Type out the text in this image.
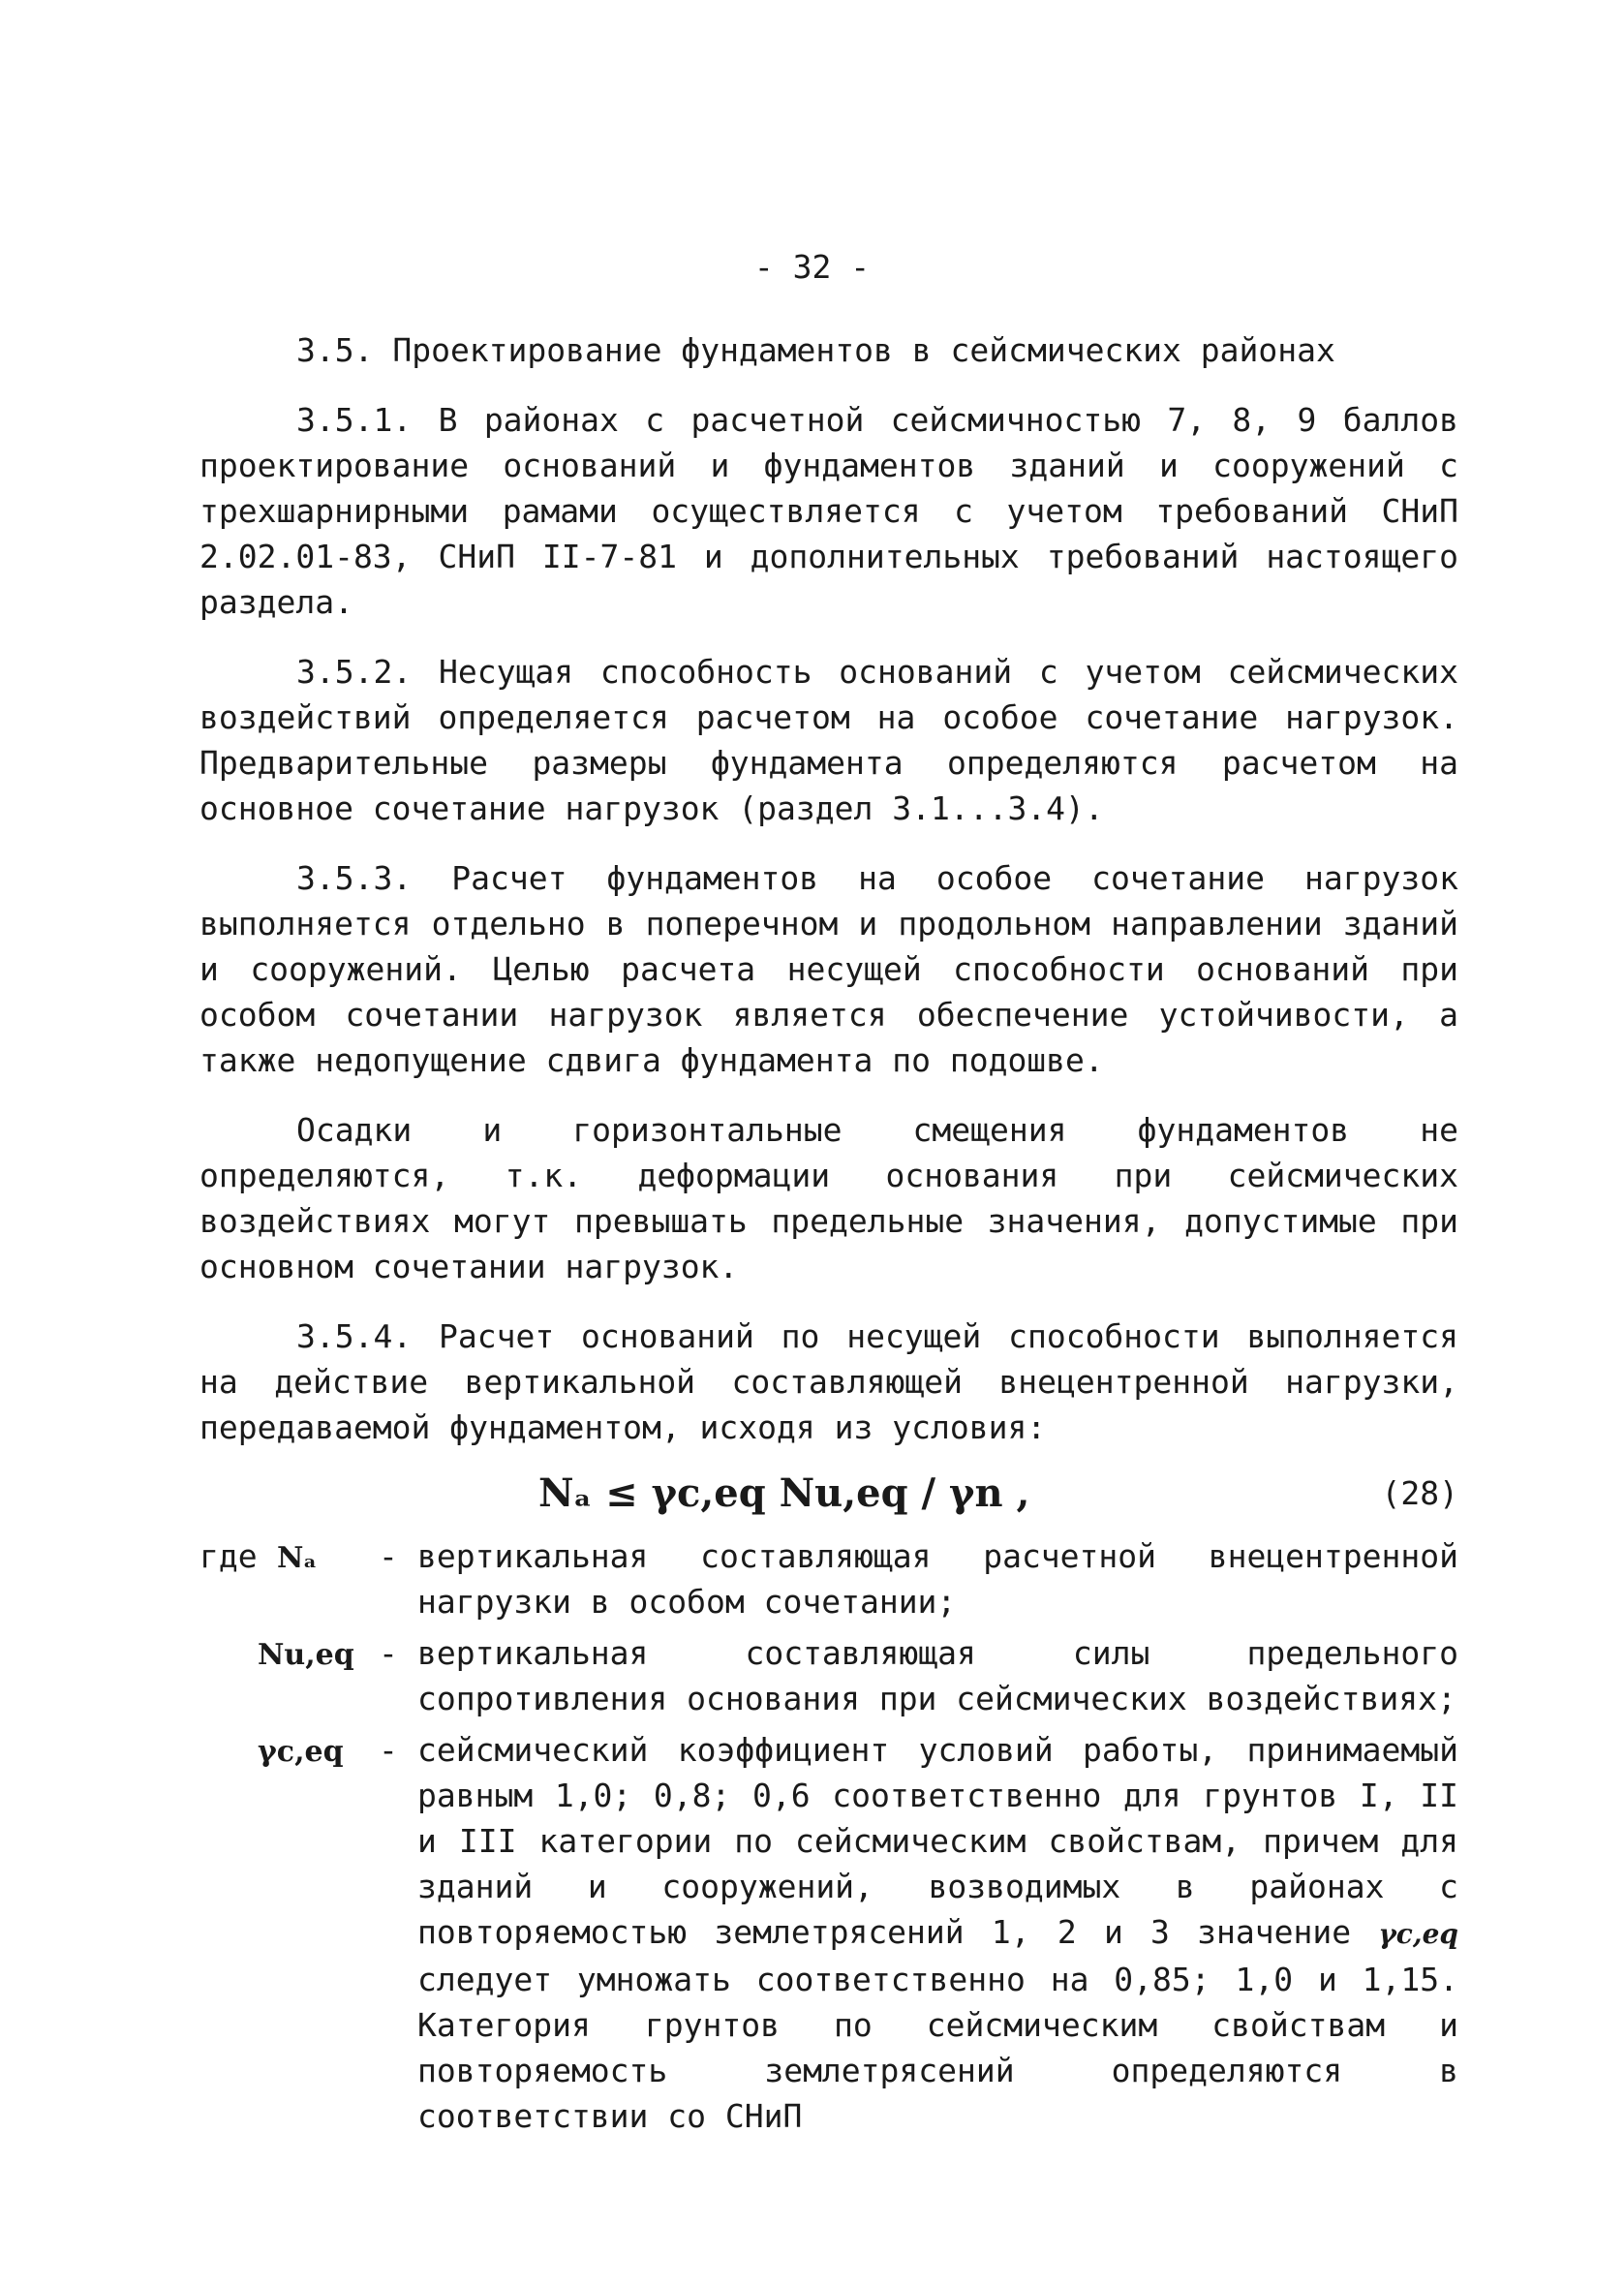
- 32 -
3.5. Проектирование фундаментов в сейсмических районах

3.5.1. В районах с расчетной сейсмичностью 7, 8, 9 баллов проектирование оснований и фундаментов зданий и сооружений с трехшарнирными рамами осуществляется с учетом требований СНиП 2.02.01-83, СНиП II-7-81 и дополнительных требований настоящего раздела.

3.5.2. Несущая способность оснований с учетом сейсмических воздействий определяется расчетом на особое сочетание нагрузок. Предварительные размеры фундамента определяются расчетом на основное сочетание нагрузок (раздел 3.1...3.4).

3.5.3. Расчет фундаментов на особое сочетание нагрузок выполняется отдельно в поперечном и продольном направлении зданий и сооружений. Целью расчета несущей способности оснований при особом сочетании нагрузок является обеспечение устойчивости, а также недопущение сдвига фундамента по подошве.

Осадки и горизонтальные смещения фундаментов не определяются, т.к. деформации основания при сейсмических воздействиях могут превышать предельные значения, допустимые при основном сочетании нагрузок.

3.5.4. Расчет оснований по несущей способности выполняется на действие вертикальной составляющей внецентренной нагрузки, передаваемой фундаментом, исходя из условия:

Nₐ ≤ γc,eq Nu,eq / γn ,	(28)
где Nₐ	- вертикальная составляющая расчетной внецентренной нагрузки в особом сочетании;
Nu,eq - вертикальная составляющая силы предельного сопротивления основания при сейсмических воздействиях;
γc,eq	- сейсмический коэффициент условий работы, принимаемый равным 1,0; 0,8; 0,6 соответственно для грунтов I, II и III категории по сейсмическим свойствам, причем для зданий и сооружений, возводимых в районах с повторяемостью землетрясений 1, 2 и 3 значение γc,eq следует умножать соответственно на 0,85; 1,0 и 1,15. Категория грунтов по сейсмическим свойствам и повторяемость землетрясений определяются в соответствии со СНиП
